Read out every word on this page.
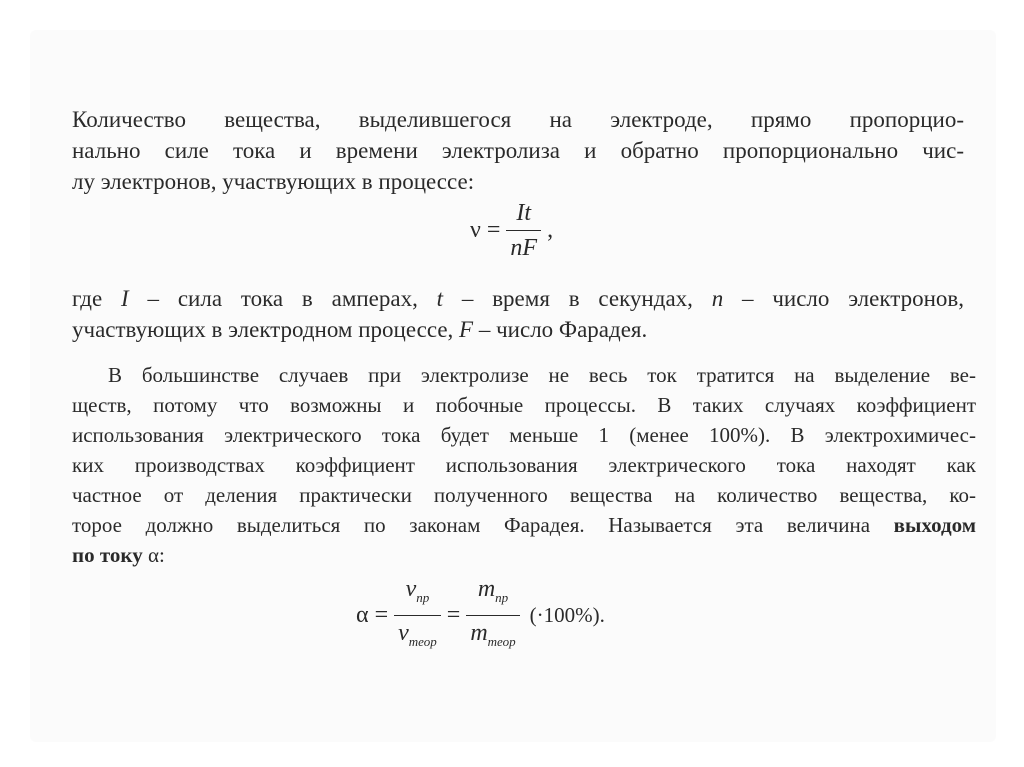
Количество вещества, выделившегося на электроде, прямо пропорцио-
нально силе тока и времени электролиза и обратно пропорционально чис-
лу электронов, участвующих в процессе:
$\nu = \frac{It}{nF}$ ,
где I – сила тока в амперах, t – время в секундах, n – число электронов,
участвующих в электродном процессе, F – число Фарадея.
В большинстве случаев при электролизе не весь ток тратится на выделение ве-
ществ, потому что возможны и побочные процессы. В таких случаях коэффициент
использования электрического тока будет меньше 1 (менее 100%). В электрохимичес-
ких производствах коэффициент использования электрического тока находят как
частное от деления практически полученного вещества на количество вещества, ко-
торое должно выделиться по законам Фарадея. Называется эта величина выходом
по току α:
$\alpha = \frac{\nu_{пр}}{\nu_{теор}} = \frac{m_{пр}}{m_{теор}} (\cdot 100\%)$.
